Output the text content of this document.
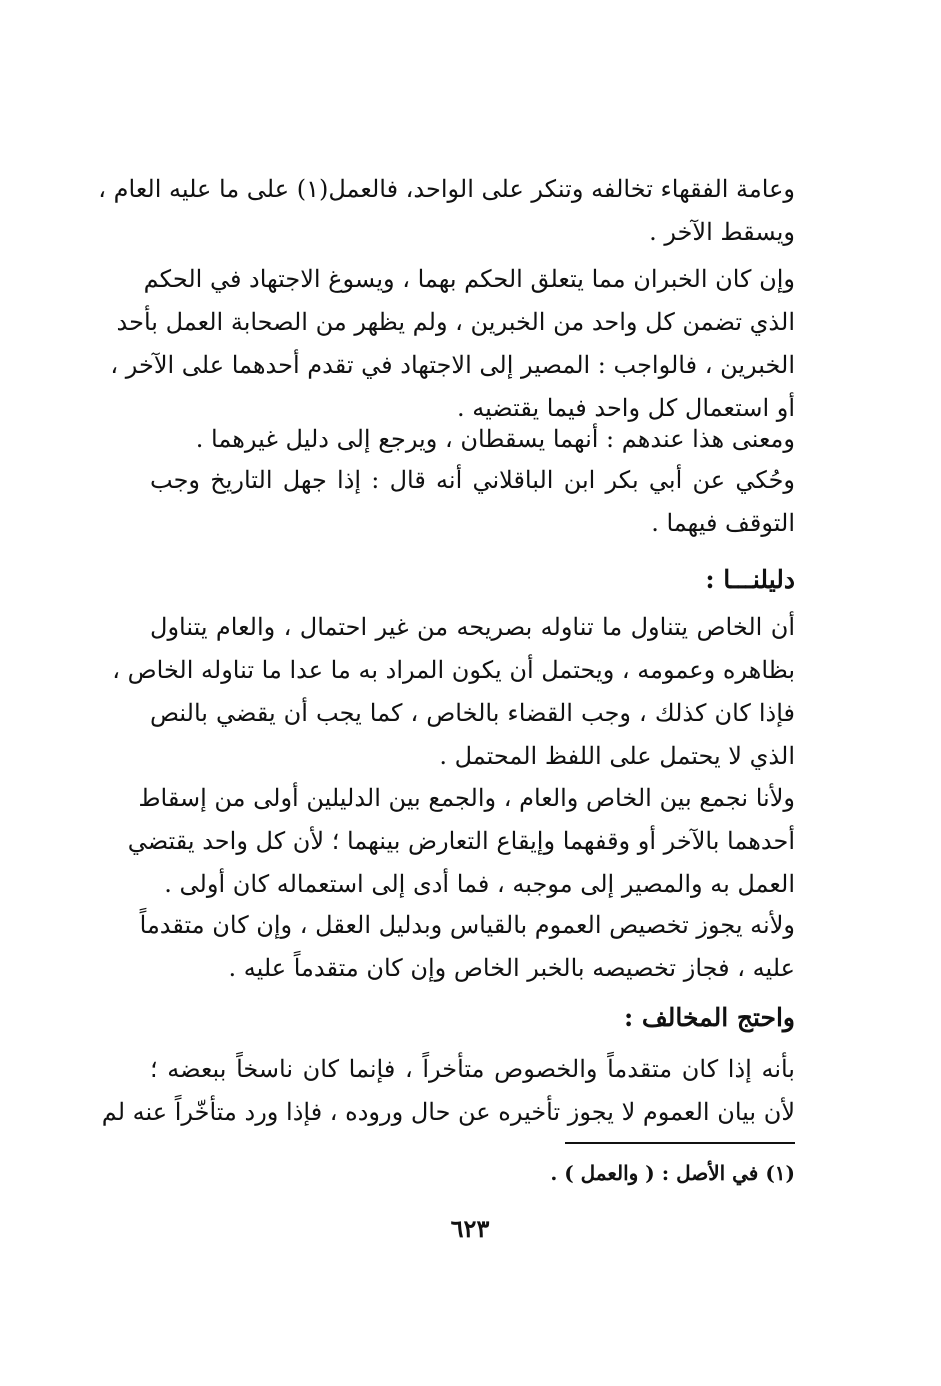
وعامة الفقهاء تخالفه وتنكر على الواحد، فالعمل(١) على ما عليه العام ،
ويسقط الآخر .
وإن كان الخبران مما يتعلق الحكم بهما ، ويسوغ الاجتهاد في الحكم
الذي تضمن كل واحد من الخبرين ، ولم يظهر من الصحابة العمل بأحد
الخبرين ، فالواجب : المصير إلى الاجتهاد في تقدم أحدهما على الآخر ،
أو استعمال كل واحد فيما يقتضيه .
ومعنى هذا عندهم : أنهما يسقطان ، ويرجع إلى دليل غيرهما .
وحُكي عن أبي بكر ابن الباقلاني أنه قال : إذا جهل التاريخ وجب
التوقف فيهما .
دليلنـــا :
أن الخاص يتناول ما تناوله بصريحه من غير احتمال ، والعام يتناول
بظاهره وعمومه ، ويحتمل أن يكون المراد به ما عدا ما تناوله الخاص ،
فإذا كان كذلك ، وجب القضاء بالخاص ، كما يجب أن يقضي بالنص
الذي لا يحتمل على اللفظ المحتمل .
ولأنا نجمع بين الخاص والعام ، والجمع بين الدليلين أولى من إسقاط
أحدهما بالآخر أو وقفهما وإيقاع التعارض بينهما ؛ لأن كل واحد يقتضي
العمل به والمصير إلى موجبه ، فما أدى إلى استعماله كان أولى .
ولأنه يجوز تخصيص العموم بالقياس وبدليل العقل ، وإن كان متقدماً
عليه ، فجاز تخصيصه بالخبر الخاص وإن كان متقدماً عليه .
واحتج المخالف :
بأنه إذا كان متقدماً والخصوص متأخراً ، فإنما كان ناسخاً ببعضه ؛
لأن بيان العموم لا يجوز تأخيره عن حال وروده ، فإذا ورد متأخّراً عنه لم
(١) في الأصل : ( والعمل ) .
٦٢٣
